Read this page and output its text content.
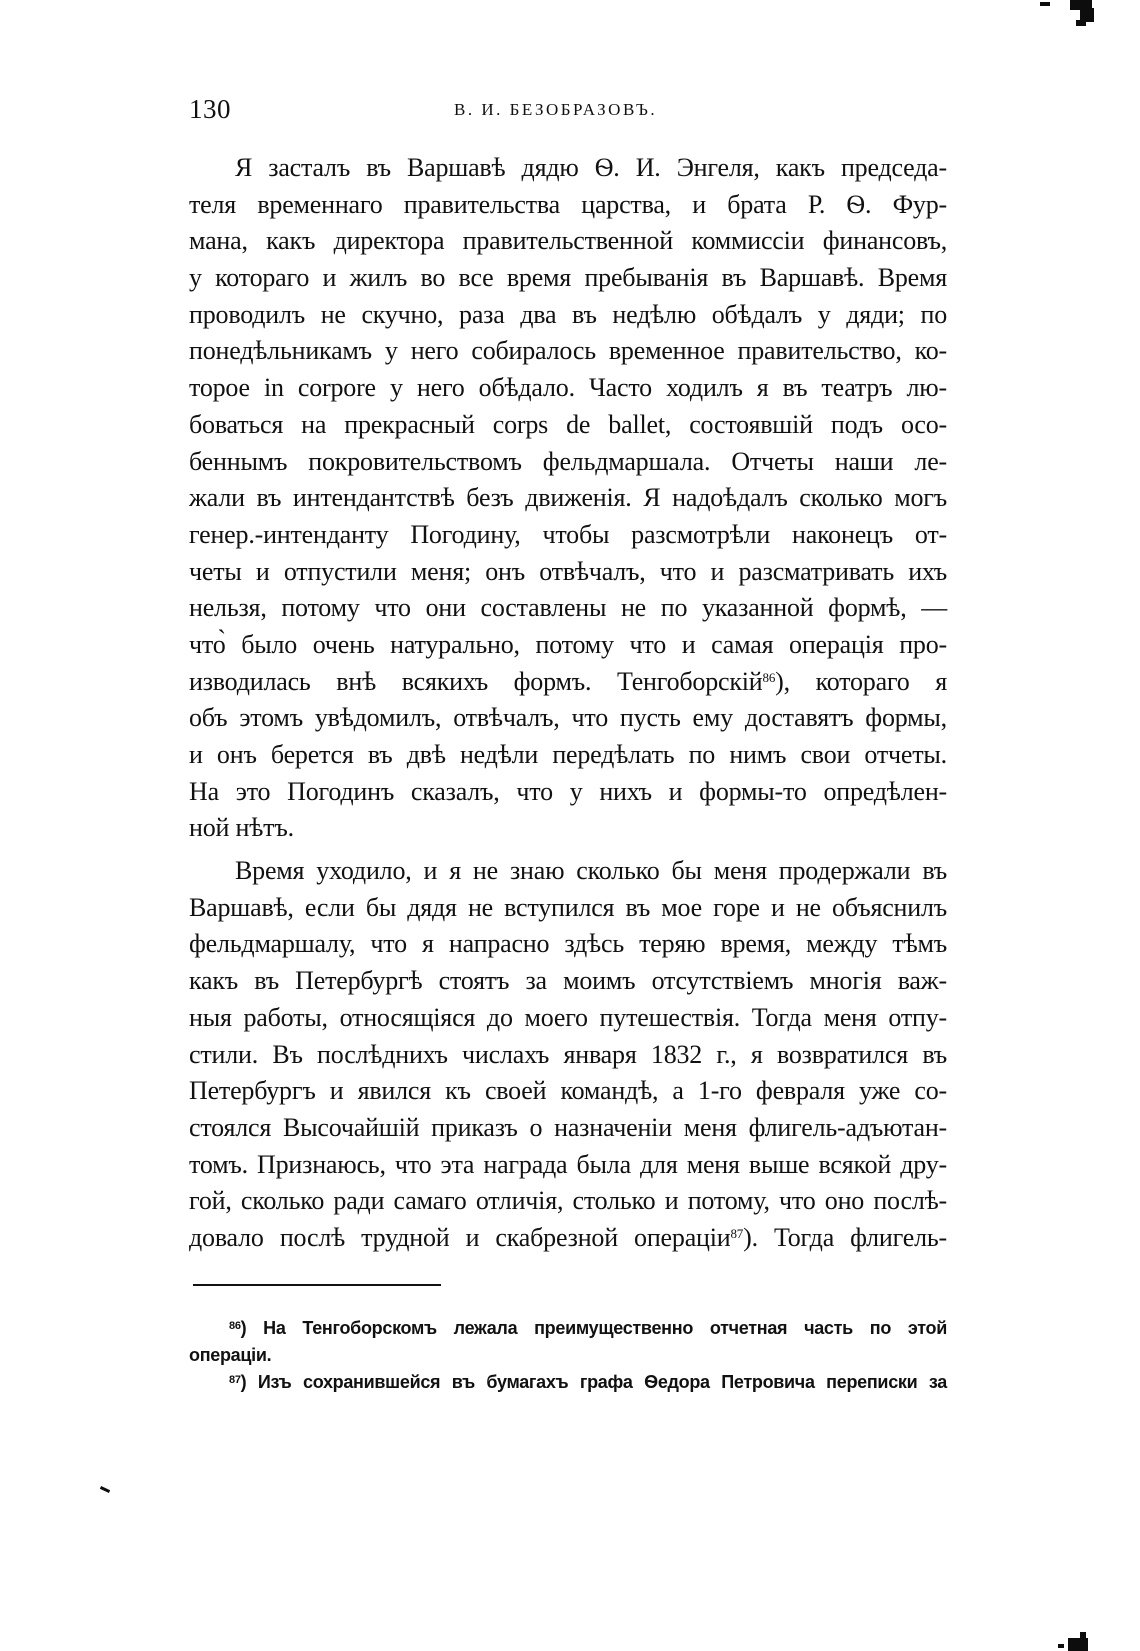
130	В. И. БЕЗОБРАЗОВЪ.
Я засталъ въ Варшавѣ дядю Ѳ. И. Энгеля, какъ председа-
теля временнаго правительства царства, и брата Р. Ѳ. Фур-
мана, какъ директора правительственной коммиссіи финансовъ,
у котораго и жилъ во все время пребыванія въ Варшавѣ. Время
проводилъ не скучно, раза два въ недѣлю обѣдалъ у дяди; по
понедѣльникамъ у него собиралось временное правительство, ко-
торое in corpore у него обѣдало. Часто ходилъ я въ театръ лю-
боваться на прекрасный corps de ballet, состоявшій подъ осо-
беннымъ покровительствомъ фельдмаршала. Отчеты наши ле-
жали въ интендантствѣ безъ движенія. Я надоѣдалъ сколько могъ
генер.-интенданту Погодину, чтобы разсмотрѣли наконецъ от-
четы и отпустили меня; онъ отвѣчалъ, что и разсматривать ихъ
нельзя, потому что они составлены не по указанной формѣ, —
что̀ было очень натурально, потому что и самая операція про-
изводилась внѣ всякихъ формъ. Тенгоборскій$^{86}$), котораго я
объ этомъ увѣдомилъ, отвѣчалъ, что пусть ему доставятъ формы,
и онъ берется въ двѣ недѣли передѣлать по нимъ свои отчеты.
На это Погодинъ сказалъ, что у нихъ и формы-то опредѣлен-
ной нѣтъ.
Время уходило, и я не знаю сколько бы меня продержали въ
Варшавѣ, если бы дядя не вступился въ мое горе и не объяснилъ
фельдмаршалу, что я напрасно здѣсь теряю время, между тѣмъ
какъ въ Петербургѣ стоятъ за моимъ отсутствіемъ многія важ-
ныя работы, относящіяся до моего путешествія. Тогда меня отпу-
стили. Въ послѣднихъ числахъ января 1832 г., я возвратился въ
Петербургъ и явился къ своей командѣ, а 1-го февраля уже со-
стоялся Высочайшій приказъ о назначеніи меня флигель-адъютан-
томъ. Признаюсь, что эта награда была для меня выше всякой дру-
гой, сколько ради самаго отличія, столько и потому, что оно послѣ-
довало послѣ трудной и скабрезной операціи$^{87}$). Тогда флигель-
$^{86}$) На Тенгоборскомъ лежала преимущественно отчетная часть по этой
операціи.
$^{87}$) Изъ сохранившейся въ бумагахъ графа Ѳедора Петровича переписки за
